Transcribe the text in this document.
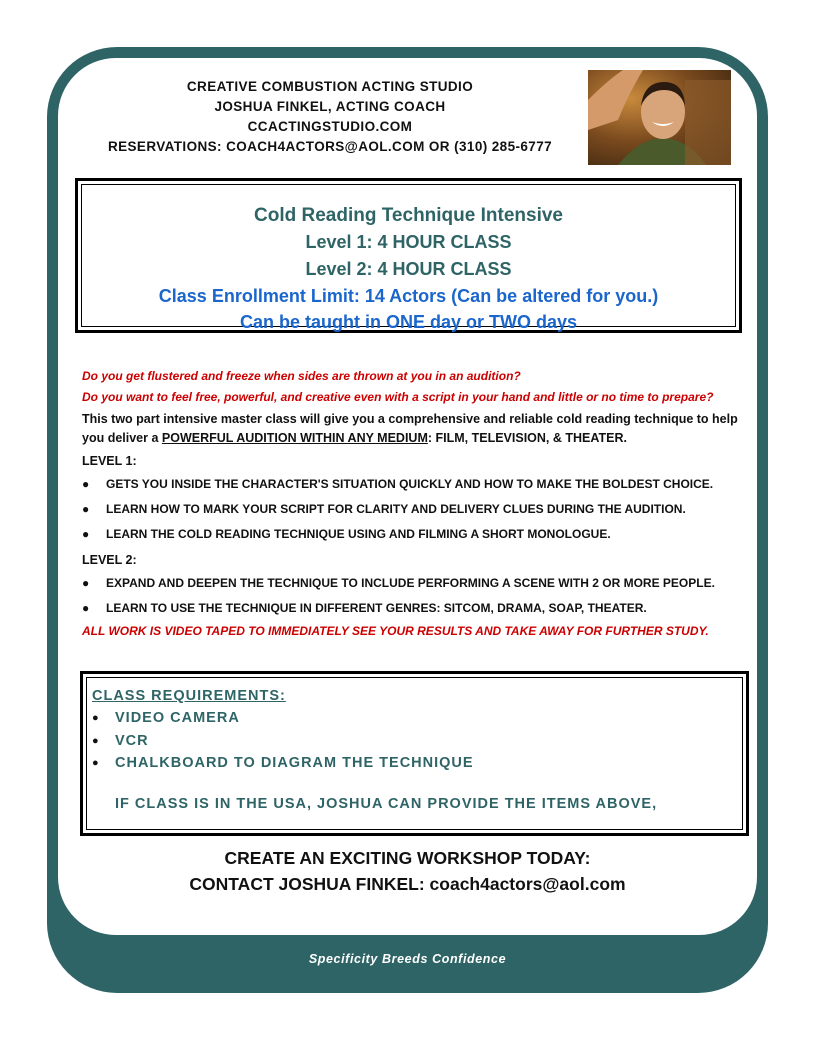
CREATIVE COMBUSTION ACTING STUDIO
JOSHUA FINKEL, ACTING COACH
CCACTINGSTUDIO.COM
RESERVATIONS: COACH4ACTORS@AOL.COM OR (310) 285-6777
Cold Reading Technique Intensive
Level 1: 4 HOUR CLASS
Level 2: 4 HOUR CLASS
Class Enrollment Limit: 14 Actors (Can be altered for you.)
Can be taught in ONE day or TWO days
Do you get flustered and freeze when sides are thrown at you in an audition?
Do you want to feel free, powerful, and creative even with a script in your hand and little or no time to prepare?
This two part intensive master class will give you a comprehensive and reliable cold reading technique to help you deliver a POWERFUL AUDITION WITHIN ANY MEDIUM: FILM, TELEVISION, & THEATER.
LEVEL 1:
● GETS YOU INSIDE THE CHARACTER'S SITUATION QUICKLY AND HOW TO MAKE THE BOLDEST CHOICE.
● LEARN HOW TO MARK YOUR SCRIPT FOR CLARITY AND DELIVERY CLUES DURING THE AUDITION.
● LEARN THE COLD READING TECHNIQUE USING AND FILMING A SHORT MONOLOGUE.
LEVEL 2:
● EXPAND AND DEEPEN THE TECHNIQUE TO INCLUDE PERFORMING A SCENE WITH 2 OR MORE PEOPLE.
● LEARN TO USE THE TECHNIQUE IN DIFFERENT GENRES: SITCOM, DRAMA, SOAP, THEATER.
ALL WORK IS VIDEO TAPED TO IMMEDIATELY SEE YOUR RESULTS AND TAKE AWAY FOR FURTHER STUDY.
CLASS REQUIREMENTS:
● VIDEO CAMERA
● VCR
● CHALKBOARD TO DIAGRAM THE TECHNIQUE
IF CLASS IS IN THE USA, JOSHUA CAN PROVIDE THE ITEMS ABOVE,
CREATE AN EXCITING WORKSHOP TODAY:
CONTACT JOSHUA FINKEL: coach4actors@aol.com
Specificity Breeds Confidence
